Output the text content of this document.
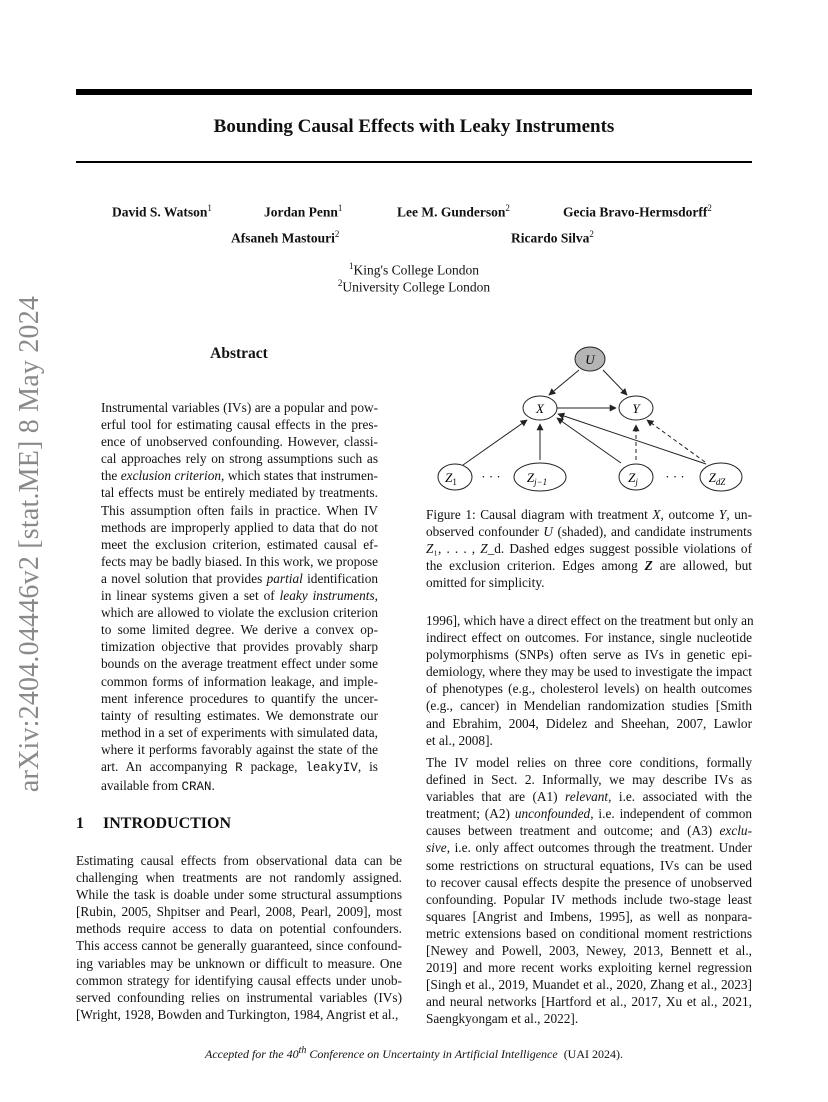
arXiv:2404.04446v2 [stat.ME] 8 May 2024
Bounding Causal Effects with Leaky Instruments
David S. Watson$^1$	Jordan Penn$^1$	Lee M. Gunderson$^2$	Gecia Bravo-Hermsdorff$^2$
Afsaneh Mastouri$^2$	Ricardo Silva$^2$
$^1$King's College London
$^2$University College London
Abstract
Instrumental variables (IVs) are a popular and pow-
erful tool for estimating causal effects in the pres-
ence of unobserved confounding. However, classi-
cal approaches rely on strong assumptions such as
the exclusion criterion, which states that instrumen-
tal effects must be entirely mediated by treatments.
This assumption often fails in practice. When IV
methods are improperly applied to data that do not
meet the exclusion criterion, estimated causal ef-
fects may be badly biased. In this work, we propose
a novel solution that provides partial identification
in linear systems given a set of leaky instruments,
which are allowed to violate the exclusion criterion
to some limited degree. We derive a convex op-
timization objective that provides provably sharp
bounds on the average treatment effect under some
common forms of information leakage, and imple-
ment inference procedures to quantify the uncer-
tainty of resulting estimates. We demonstrate our
method in a set of experiments with simulated data,
where it performs favorably against the state of the
art. An accompanying R package, leakyIV, is
available from CRAN.
1 INTRODUCTION
Estimating causal effects from observational data can be
challenging when treatments are not randomly assigned.
While the task is doable under some structural assumptions
[Rubin, 2005, Shpitser and Pearl, 2008, Pearl, 2009], most
methods require access to data on potential confounders.
This access cannot be generally guaranteed, since confound-
ing variables may be unknown or difficult to measure. One
common strategy for identifying causal effects under unob-
served confounding relies on instrumental variables (IVs)
[Wright, 1928, Bowden and Turkington, 1984, Angrist et al.,
U
X	Y
$Z_1$ · · · $Z_{j-1}$	$Z_j$ · · · $Z_{dZ}$
Figure 1: Causal diagram with treatment X, outcome Y, un-
observed confounder U (shaded), and candidate instruments
Z₁, . . . , Z_d. Dashed edges suggest possible violations of
the exclusion criterion. Edges among Z are allowed, but
omitted for simplicity.
1996], which have a direct effect on the treatment but only an
indirect effect on outcomes. For instance, single nucleotide
polymorphisms (SNPs) often serve as IVs in genetic epi-
demiology, where they may be used to investigate the impact
of phenotypes (e.g., cholesterol levels) on health outcomes
(e.g., cancer) in Mendelian randomization studies [Smith
and Ebrahim, 2004, Didelez and Sheehan, 2007, Lawlor
et al., 2008].
The IV model relies on three core conditions, formally
defined in Sect. 2. Informally, we may describe IVs as
variables that are (A1) relevant, i.e. associated with the
treatment; (A2) unconfounded, i.e. independent of common
causes between treatment and outcome; and (A3) exclu-
sive, i.e. only affect outcomes through the treatment. Under
some restrictions on structural equations, IVs can be used
to recover causal effects despite the presence of unobserved
confounding. Popular IV methods include two-stage least
squares [Angrist and Imbens, 1995], as well as nonpara-
metric extensions based on conditional moment restrictions
[Newey and Powell, 2003, Newey, 2013, Bennett et al.,
2019] and more recent works exploiting kernel regression
[Singh et al., 2019, Muandet et al., 2020, Zhang et al., 2023]
and neural networks [Hartford et al., 2017, Xu et al., 2021,
Saengkyongam et al., 2022].
Accepted for the 40th Conference on Uncertainty in Artificial Intelligence (UAI 2024).
